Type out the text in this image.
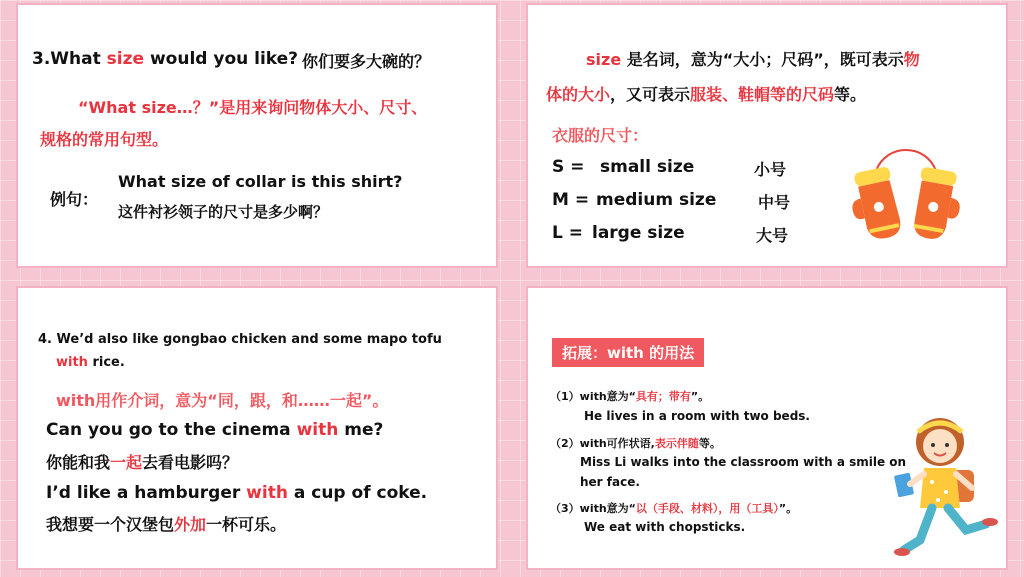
3.What size would you like? 你们要多大碗的？
“What size…？”是用来询问物体大小、尺寸、
规格的常用句型。
例句：
What size of collar is this shirt?
这件衬衫领子的尺寸是多少啊？
size 是名词，意为“大小；尺码”，既可表示物
体的大小，又可表示服装、鞋帽等的尺码等。
衣服的尺寸：
S = small size	小号
M = medium size	中号
L = large size	大号
4. We’d also like gongbao chicken and some mapo tofu
with rice.
with用作介词，意为“同，跟，和……一起”。
Can you go to the cinema with me?
你能和我一起去看电影吗？
I’d like a hamburger with a cup of coke.
我想要一个汉堡包外加一杯可乐。
拓展：with 的用法
（1）with意为“具有；带有”。
He lives in a room with two beds.
（2）with可作状语,表示伴随等。
Miss Li walks into the classroom with a smile on
her face.
（3）with意为“以（手段、材料），用（工具）”。
We eat with chopsticks.
